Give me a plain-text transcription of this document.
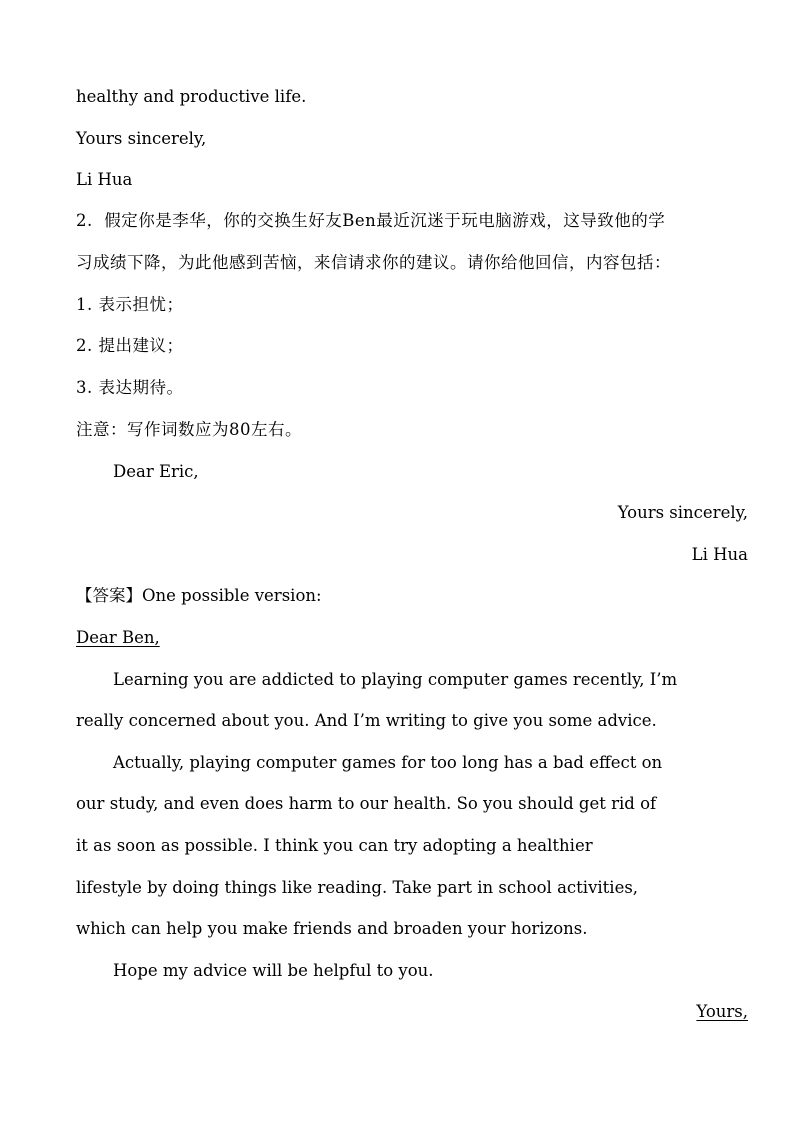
healthy and productive life.
Yours sincerely,
Li Hua
2. 假定你是李华，你的交换生好友Ben最近沉迷于玩电脑游戏，这导致他的学
习成绩下降，为此他感到苦恼，来信请求你的建议。请你给他回信，内容包括：
1. 表示担忧；
2. 提出建议；
3. 表达期待。
注意：写作词数应为80左右。
Dear Eric,
Yours sincerely,
Li Hua
【答案】One possible version:
Dear Ben,
Learning you are addicted to playing computer games recently, I’m
really concerned about you. And I’m writing to give you some advice.
Actually, playing computer games for too long has a bad effect on
our study, and even does harm to our health. So you should get rid of
it as soon as possible. I think you can try adopting a healthier
lifestyle by doing things like reading. Take part in school activities,
which can help you make friends and broaden your horizons.
Hope my advice will be helpful to you.
Yours,
